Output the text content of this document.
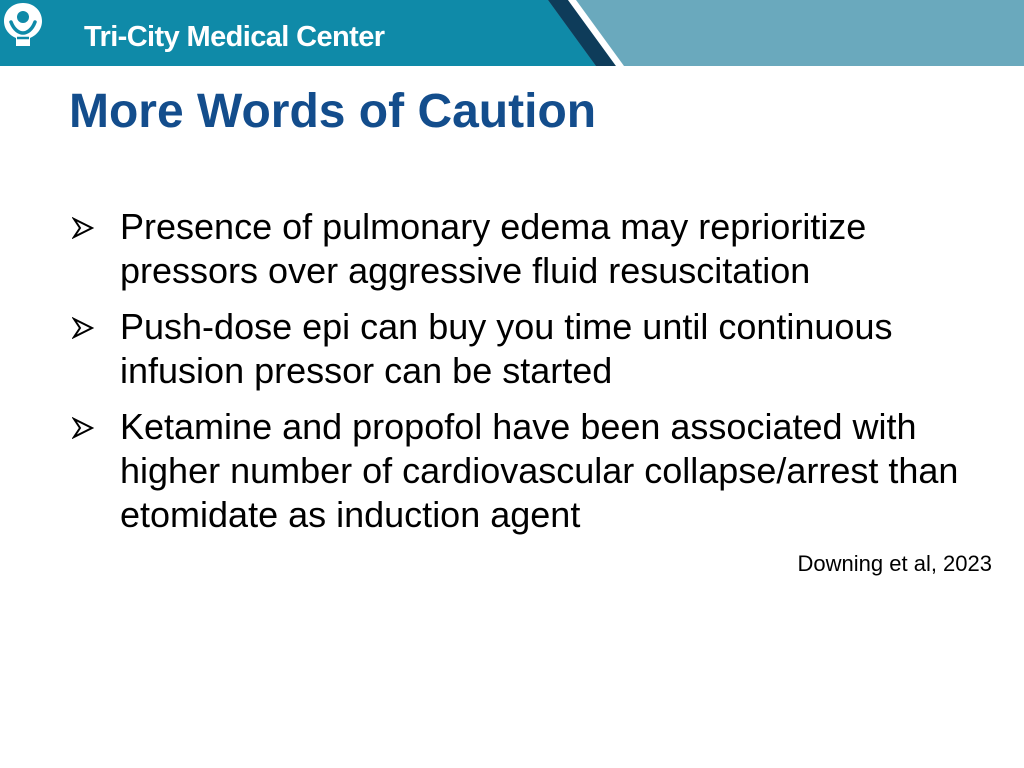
Tri-City Medical Center
More Words of Caution
Presence of pulmonary edema may reprioritize pressors over aggressive fluid resuscitation
Push-dose epi can buy you time until continuous infusion pressor can be started
Ketamine and propofol have been associated with higher number of cardiovascular collapse/arrest than etomidate as induction agent
Downing et al, 2023
